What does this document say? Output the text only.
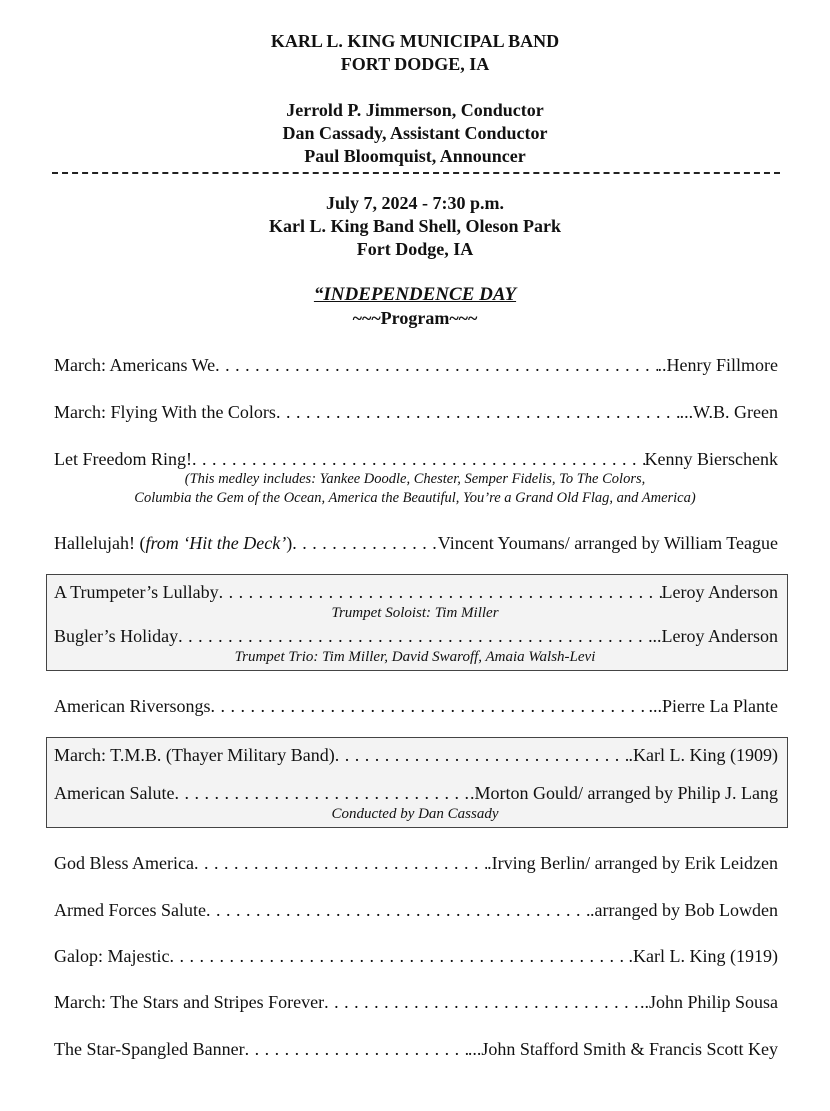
KARL L. KING MUNICIPAL BAND
FORT DODGE, IA
Jerrold P. Jimmerson, Conductor
Dan Cassady, Assistant Conductor
Paul Bloomquist, Announcer
July 7, 2024 - 7:30 p.m.
Karl L. King Band Shell, Oleson Park
Fort Dodge, IA
“INDEPENDENCE DAY
~~~Program~~~
March: Americans We . . .	..Henry Fillmore
March: Flying With the Colors . . .	...W.B. Green
Let Freedom Ring! . . .	Kenny Bierschenk
(This medley includes: Yankee Doodle, Chester, Semper Fidelis, To The Colors,
Columbia the Gem of the Ocean, America the Beautiful, You’re a Grand Old Flag, and America)
Hallelujah! (from ‘Hit the Deck’) . . .	Vincent Youmans/ arranged by William Teague
A Trumpeter’s Lullaby . . .	Leroy Anderson
Trumpet Soloist: Tim Miller
Bugler’s Holiday . . .	..Leroy Anderson
Trumpet Trio: Tim Miller, David Swaroff, Amaia Walsh-Levi
American Riversongs . . .	...Pierre La Plante
March: T.M.B. (Thayer Military Band) . . .	.Karl L. King (1909)
American Salute . . .	.Morton Gould/ arranged by Philip J. Lang
Conducted by Dan Cassady
God Bless America . . .	.Irving Berlin/ arranged by Erik Leidzen
Armed Forces Salute . . .	.arranged by Bob Lowden
Galop: Majestic . . .	.Karl L. King (1919)
March: The Stars and Stripes Forever . . .	..John Philip Sousa
The Star-Spangled Banner . . .	...John Stafford Smith & Francis Scott Key
